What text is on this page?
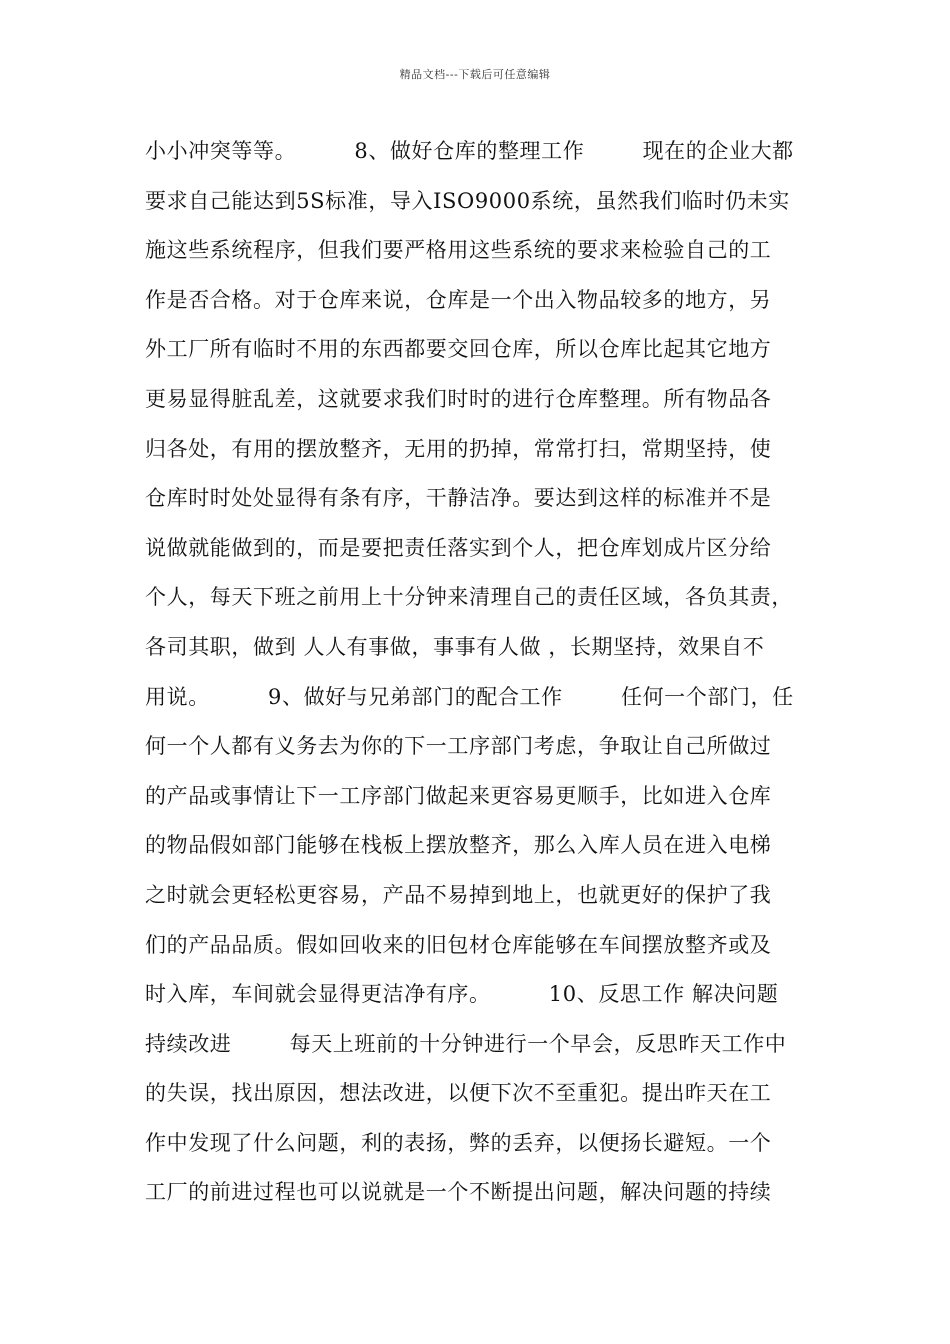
精品文档---下载后可任意编辑
小小冲突等等。        8、做好仓库的整理工作        现在的企业大都
要求自己能达到5S标准，导入ISO9000系统，虽然我们临时仍未实
施这些系统程序，但我们要严格用这些系统的要求来检验自己的工
作是否合格。对于仓库来说，仓库是一个出入物品较多的地方，另
外工厂所有临时不用的东西都要交回仓库，所以仓库比起其它地方
更易显得脏乱差，这就要求我们时时的进行仓库整理。所有物品各
归各处，有用的摆放整齐，无用的扔掉，常常打扫，常期坚持，使
仓库时时处处显得有条有序，干静洁净。要达到这样的标准并不是
说做就能做到的，而是要把责任落实到个人，把仓库划成片区分给
个人，每天下班之前用上十分钟来清理自己的责任区域，各负其责，
各司其职，做到 人人有事做，事事有人做 ，长期坚持，效果自不
用说。        9、做好与兄弟部门的配合工作        任何一个部门，任
何一个人都有义务去为你的下一工序部门考虑，争取让自己所做过
的产品或事情让下一工序部门做起来更容易更顺手，比如进入仓库
的物品假如部门能够在栈板上摆放整齐，那么入库人员在进入电梯
之时就会更轻松更容易，产品不易掉到地上，也就更好的保护了我
们的产品品质。假如回收来的旧包材仓库能够在车间摆放整齐或及
时入库，车间就会显得更洁净有序。        10、反思工作 解决问题
持续改进        每天上班前的十分钟进行一个早会，反思昨天工作中
的失误，找出原因，想法改进，以便下次不至重犯。提出昨天在工
作中发现了什么问题，利的表扬，弊的丢弃，以便扬长避短。一个
工厂的前进过程也可以说就是一个不断提出问题，解决问题的持续
